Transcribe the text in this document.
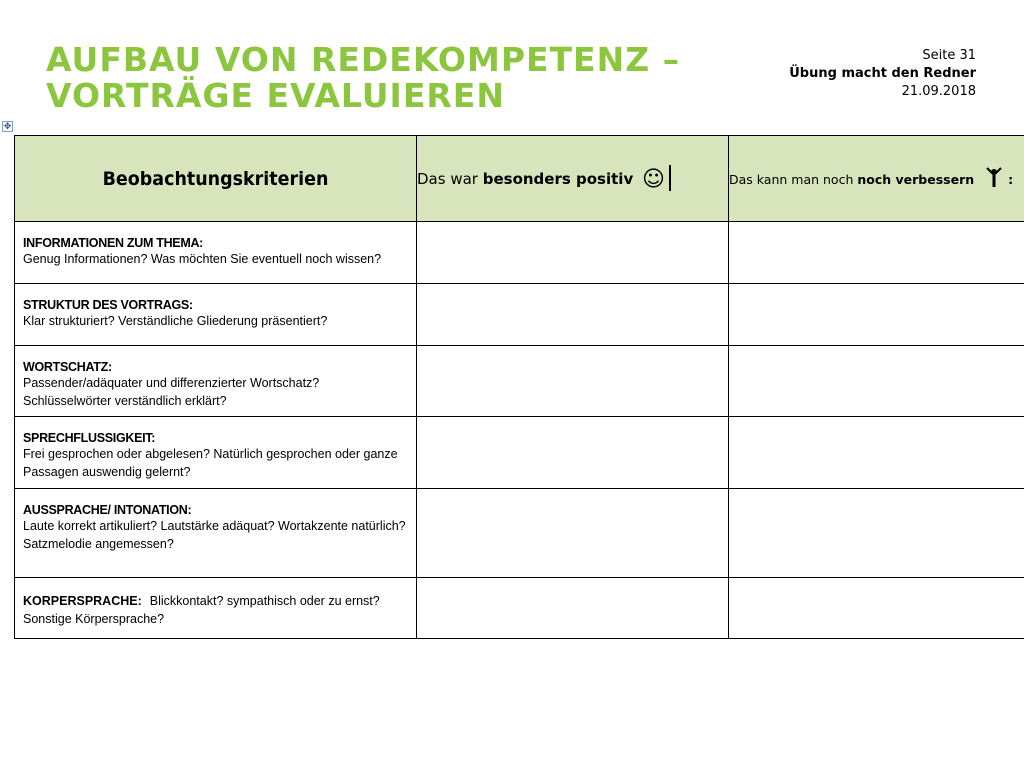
AUFBAU VON REDEKOMPETENZ –
VORTRÄGE EVALUIEREN
Seite 31
Übung macht den Redner
21.09.2018
✥
Beobachtungskriterien	Das war besonders positiv ☺	Das kann man noch noch verbessern :

INFORMATIONEN ZUM THEMA:
Genug Informationen? Was möchten Sie eventuell noch wissen?		

STRUKTUR DES VORTRAGS:
Klar strukturiert? Verständliche Gliederung präsentiert?		

WORTSCHATZ:
Passender/adäquater und differenzierter Wortschatz? Schlüsselwörter verständlich erklärt?		

SPRECHFLUSSIGKEIT:
Frei gesprochen oder abgelesen? Natürlich gesprochen oder ganze Passagen auswendig gelernt?		

AUSSPRACHE/ INTONATION:
Laute korrekt artikuliert? Lautstärke adäquat? Wortakzente natürlich? Satzmelodie angemessen?		

KORPERSPRACHE: Blickkontakt? sympathisch oder zu ernst?
Sonstige Körpersprache?		
